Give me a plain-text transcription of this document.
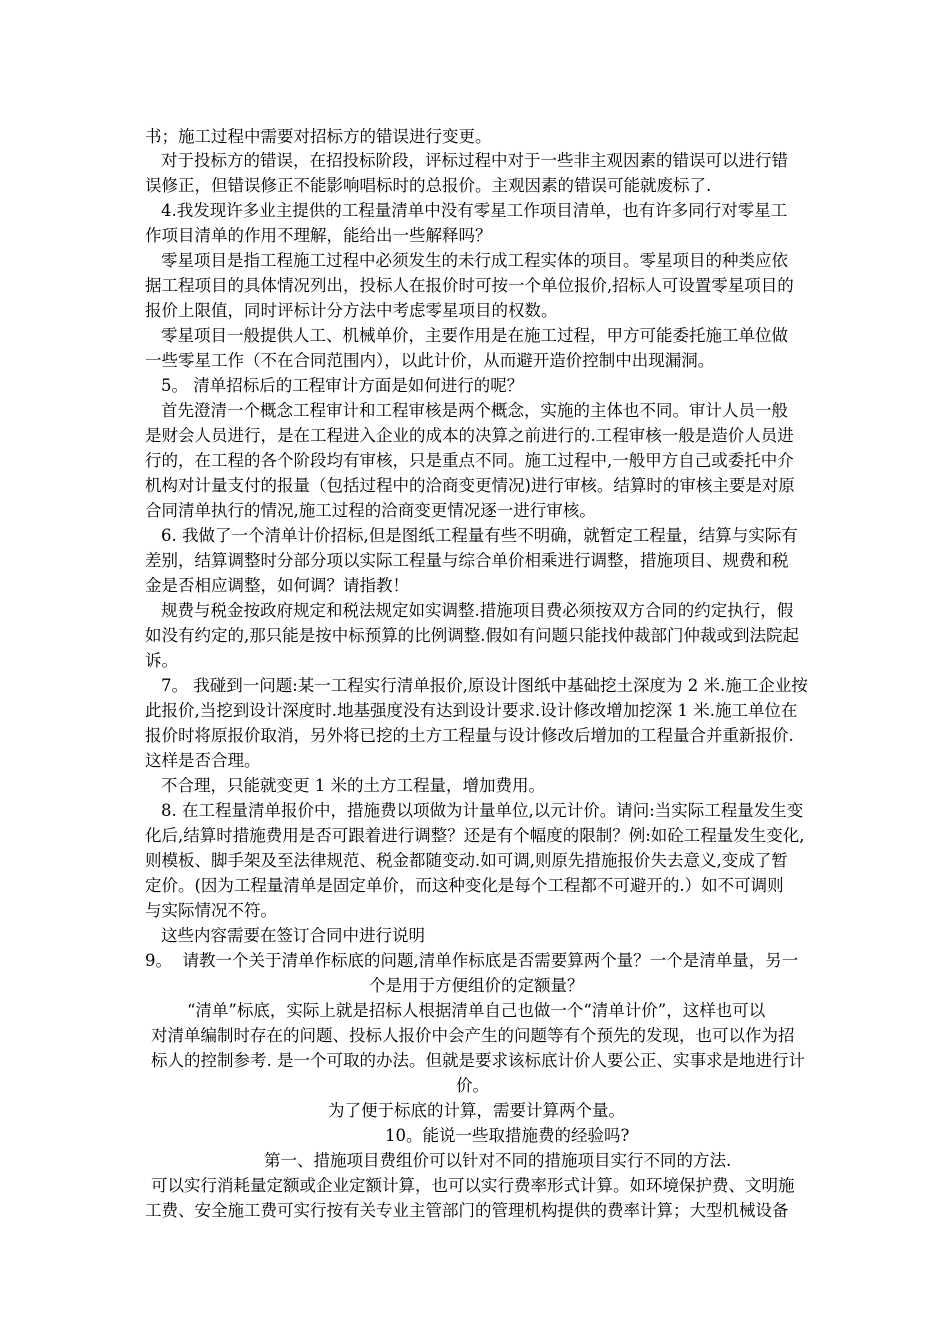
书；施工过程中需要对招标方的错误进行变更。
对于投标方的错误，在招投标阶段，评标过程中对于一些非主观因素的错误可以进行错
误修正，但错误修正不能影响唱标时的总报价。主观因素的错误可能就废标了.
4.我发现许多业主提供的工程量清单中没有零星工作项目清单，也有许多同行对零星工
作项目清单的作用不理解，能给出一些解释吗？
零星项目是指工程施工过程中必须发生的未行成工程实体的项目。零星项目的种类应依
据工程项目的具体情况列出，投标人在报价时可按一个单位报价,招标人可设置零星项目的
报价上限值，同时评标计分方法中考虑零星项目的权数。
零星项目一般提供人工、机械单价，主要作用是在施工过程，甲方可能委托施工单位做
一些零星工作（不在合同范围内），以此计价，从而避开造价控制中出现漏洞。
5。 清单招标后的工程审计方面是如何进行的呢？
首先澄清一个概念工程审计和工程审核是两个概念，实施的主体也不同。审计人员一般
是财会人员进行，是在工程进入企业的成本的决算之前进行的.工程审核一般是造价人员进
行的，在工程的各个阶段均有审核，只是重点不同。施工过程中,一般甲方自己或委托中介
机构对计量支付的报量（包括过程中的洽商变更情况)进行审核。结算时的审核主要是对原
合同清单执行的情况,施工过程的洽商变更情况逐一进行审核。
6. 我做了一个清单计价招标,但是图纸工程量有些不明确，就暂定工程量，结算与实际有
差别，结算调整时分部分项以实际工程量与综合单价相乘进行调整，措施项目、规费和税
金是否相应调整，如何调？请指教！
规费与税金按政府规定和税法规定如实调整.措施项目费必须按双方合同的约定执行，假
如没有约定的,那只能是按中标预算的比例调整.假如有问题只能找仲裁部门仲裁或到法院起
诉。
7。 我碰到一问题:某一工程实行清单报价,原设计图纸中基础挖土深度为 2 米.施工企业按
此报价,当挖到设计深度时.地基强度没有达到设计要求.设计修改增加挖深 1 米.施工单位在
报价时将原报价取消，另外将已挖的土方工程量与设计修改后增加的工程量合并重新报价.
这样是否合理。
不合理，只能就变更 1 米的土方工程量，增加费用。
8. 在工程量清单报价中，措施费以项做为计量单位,以元计价。请问:当实际工程量发生变
化后,结算时措施费用是否可跟着进行调整？还是有个幅度的限制？例:如砼工程量发生变化,
则模板、脚手架及至法律规范、税金都随变动.如可调,则原先措施报价失去意义,变成了暂
定价。(因为工程量清单是固定单价，而这种变化是每个工程都不可避开的.）如不可调则
与实际情况不符。
这些内容需要在签订合同中进行说明
9。  请教一个关于清单作标底的问题,清单作标底是否需要算两个量？一个是清单量，另一
个是用于方便组价的定额量？
“清单”标底，实际上就是招标人根据清单自己也做一个“清单计价”，这样也可以
对清单编制时存在的问题、投标人报价中会产生的问题等有个预先的发现，也可以作为招
标人的控制参考. 是一个可取的办法。但就是要求该标底计价人要公正、实事求是地进行计
价。
为了便于标底的计算，需要计算两个量。
10。能说一些取措施费的经验吗?
第一、措施项目费组价可以针对不同的措施项目实行不同的方法.
可以实行消耗量定额或企业定额计算，也可以实行费率形式计算。如环境保护费、文明施
工费、安全施工费可实行按有关专业主管部门的管理机构提供的费率计算；大型机械设备
